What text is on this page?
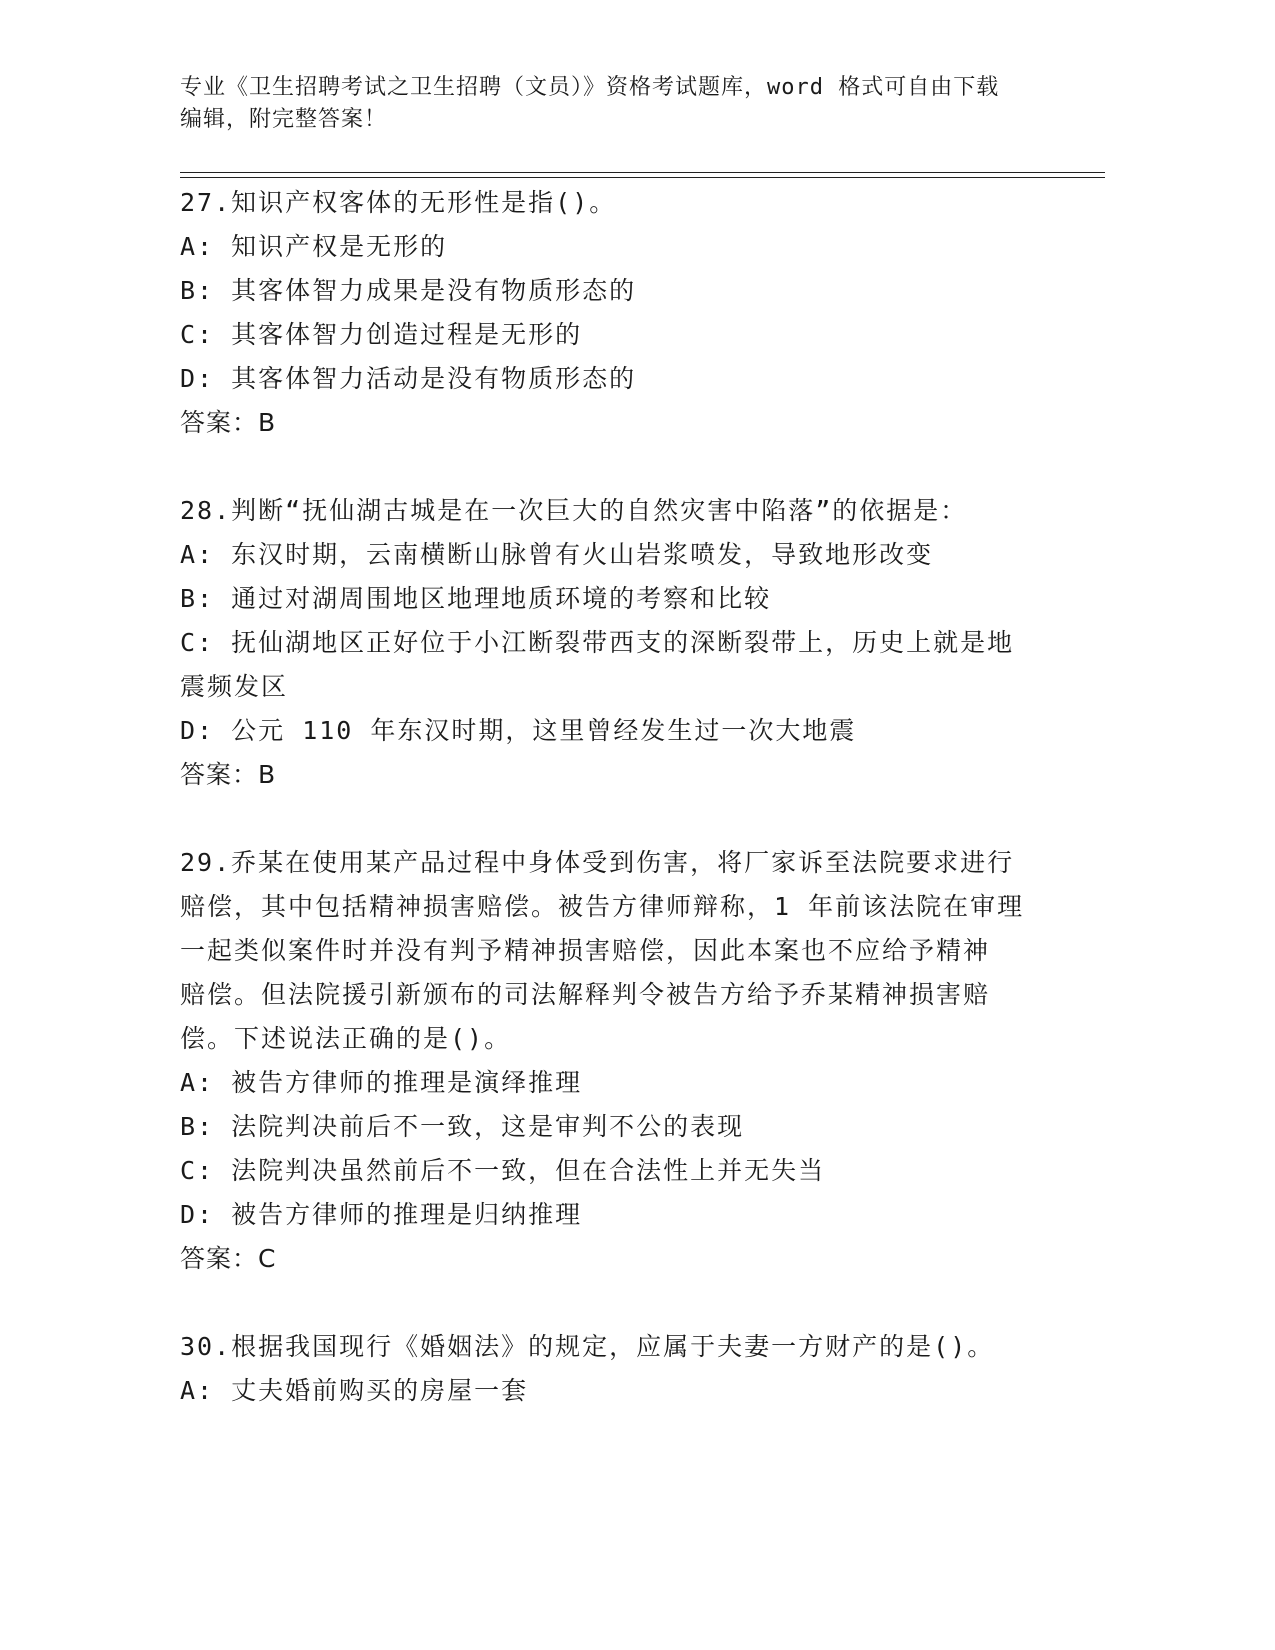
专业《卫生招聘考试之卫生招聘（文员）》资格考试题库，word 格式可自由下载
编辑，附完整答案！
27.知识产权客体的无形性是指()。
A: 知识产权是无形的
B: 其客体智力成果是没有物质形态的
C: 其客体智力创造过程是无形的
D: 其客体智力活动是没有物质形态的
答案：B
28.判断“抚仙湖古城是在一次巨大的自然灾害中陷落”的依据是：
A: 东汉时期，云南横断山脉曾有火山岩浆喷发，导致地形改变
B: 通过对湖周围地区地理地质环境的考察和比较
C: 抚仙湖地区正好位于小江断裂带西支的深断裂带上，历史上就是地
震频发区
D: 公元 110 年东汉时期，这里曾经发生过一次大地震
答案：B
29.乔某在使用某产品过程中身体受到伤害，将厂家诉至法院要求进行
赔偿，其中包括精神损害赔偿。被告方律师辩称，1 年前该法院在审理
一起类似案件时并没有判予精神损害赔偿，因此本案也不应给予精神
赔偿。但法院援引新颁布的司法解释判令被告方给予乔某精神损害赔
偿。下述说法正确的是()。
A: 被告方律师的推理是演绎推理
B: 法院判决前后不一致，这是审判不公的表现
C: 法院判决虽然前后不一致，但在合法性上并无失当
D: 被告方律师的推理是归纳推理
答案：C
30.根据我国现行《婚姻法》的规定，应属于夫妻一方财产的是()。
A: 丈夫婚前购买的房屋一套
